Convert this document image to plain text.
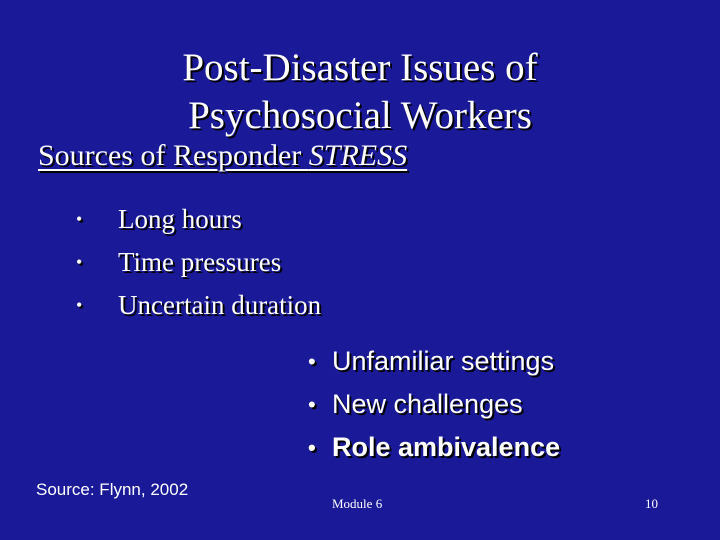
Post-Disaster Issues of
Psychosocial Workers
Sources of Responder STRESS
•	Long hours
•	Time pressures
•	Uncertain duration
• Unfamiliar settings
• New challenges
• Role ambivalence
Source: Flynn, 2002
Module 6	10
